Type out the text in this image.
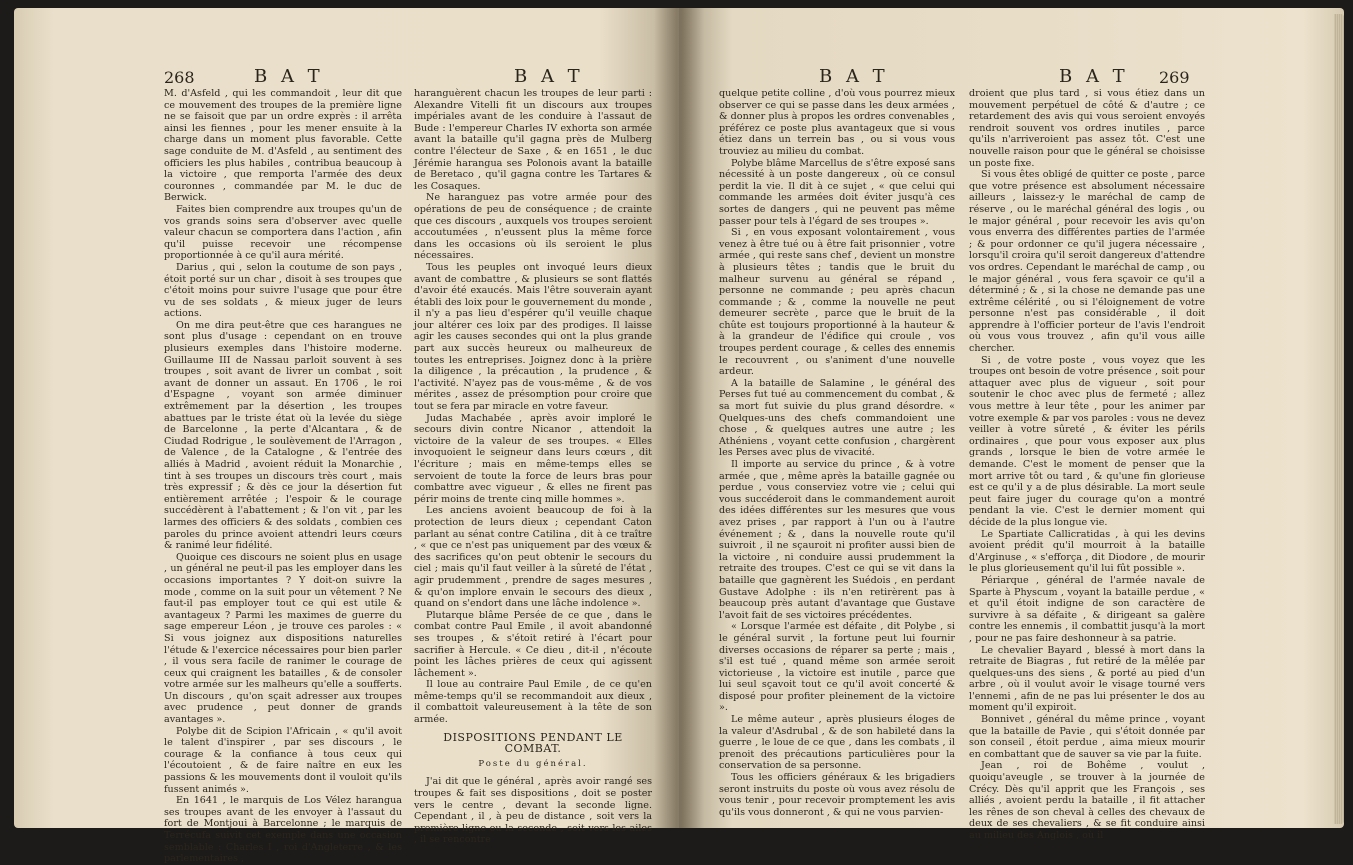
268	B A T	B A T

M. d'Asfeld , qui les commandoit , leur dit que ce mouvement des troupes de la première ligne ne se faisoit que par un ordre exprès : il arrêta ainsi les fiennes , pour les mener ensuite à la charge dans un moment plus favorable. Cette sage conduite de M. d'Asfeld , au sentiment des officiers les plus habiles , contribua beaucoup à la victoire , que remporta l'armée des deux couronnes , commandée par M. le duc de Berwick.

Faites bien comprendre aux troupes qu'un de vos grands soins sera d'observer avec quelle valeur chacun se comportera dans l'action , afin qu'il puisse recevoir une récompense proportionnée à ce qu'il aura mérité.

Darius , qui , selon la coutume de son pays , étoit porté sur un char , disoit à ses troupes que c'étoit moins pour suivre l'usage que pour être vu de ses soldats , & mieux juger de leurs actions.

On me dira peut-être que ces harangues ne sont plus d'usage : cependant on en trouve plusieurs exemples dans l'histoire moderne. Guillaume III de Nassau parloit souvent à ses troupes , soit avant de livrer un combat , soit avant de donner un assaut. En 1706 , le roi d'Espagne , voyant son armée diminuer extrêmement par la désertion , les troupes abattues par le triste état où la levée du siège de Barcelonne , la perte d'Alcantara , & de Ciudad Rodrigue , le soulèvement de l'Arragon , de Valence , de la Catalogne , & l'entrée des alliés à Madrid , avoient réduit la Monarchie , tint à ses troupes un discours très court , mais très expressif ; & dès ce jour la désertion fut entièrement arrêtée ; l'espoir & le courage succédèrent à l'abattement ; & l'on vit , par les larmes des officiers & des soldats , combien ces paroles du prince avoient attendri leurs cœurs & ranimé leur fidélité.

Quoique ces discours ne soient plus en usage , un général ne peut-il pas les employer dans les occasions importantes ? Y doit-on suivre la mode , comme on la suit pour un vêtement ? Ne faut-il pas employer tout ce qui est utile & avantageux ? Parmi les maximes de guerre du sage empereur Léon , je trouve ces paroles : « Si vous joignez aux dispositions naturelles l'étude & l'exercice nécessaires pour bien parler , il vous sera facile de ranimer le courage de ceux qui craignent les batailles , & de consoler votre armée sur les malheurs qu'elle a soufferts. Un discours , qu'on sçait adresser aux troupes avec prudence , peut donner de grands avantages ».

Polybe dit de Scipion l'Africain , « qu'il avoit le talent d'inspirer , par ses discours , le courage & la confiance à tous ceux qui l'écoutoient , & de faire naître en eux les passions & les mouvements dont il vouloit qu'ils fussent animés ».

En 1641 , le marquis de Los Vélez harangua ses troupes avant de les envoyer à l'assaut du fort de Montjoui à Barcelonne ; le marquis de Terrécufa suivit cet exemple dans une occasion semblable : Charles I , roi d'Angleterre , & les parlementaires ,

haranguèrent chacun les troupes de leur parti : Alexandre Vitelli fit un discours aux troupes impériales avant de les conduire à l'assaut de Bude : l'empereur Charles IV exhorta son armée avant la bataille qu'il gagna près de Mulberg contre l'électeur de Saxe , & en 1651 , le duc Jérémie harangua ses Polonois avant la bataille de Beretaco , qu'il gagna contre les Tartares & les Cosaques.

Ne haranguez pas votre armée pour des opérations de peu de conséquence ; de crainte que ces discours , auxquels vos troupes seroient accoutumées , n'eussent plus la même force dans les occasions où ils seroient le plus nécessaires.

Tous les peuples ont invoqué leurs dieux avant de combattre , & plusieurs se sont flattés d'avoir été exaucés. Mais l'être souverain ayant établi des loix pour le gouvernement du monde , il n'y a pas lieu d'espérer qu'il veuille chaque jour altérer ces loix par des prodiges. Il laisse agir les causes secondes qui ont la plus grande part aux succès heureux ou malheureux de toutes les entreprises. Joignez donc à la prière la diligence , la précaution , la prudence , & l'activité. N'ayez pas de vous-même , & de vos mérites , assez de présomption pour croire que tout se fera par miracle en votre faveur.

Judas Machabée , après avoir imploré le secours divin contre Nicanor , attendoit la victoire de la valeur de ses troupes. « Elles invoquoient le seigneur dans leurs cœurs , dit l'écriture ; mais en même-temps elles se servoient de toute la force de leurs bras pour combattre avec vigueur , & elles ne firent pas périr moins de trente cinq mille hommes ».

Les anciens avoient beaucoup de foi à la protection de leurs dieux ; cependant Caton parlant au sénat contre Catilina , dit à ce traître , « que ce n'est pas uniquement par des vœux & des sacrifices qu'on peut obtenir le secours du ciel ; mais qu'il faut veiller à la sûreté de l'état , agir prudemment , prendre de sages mesures , & qu'on implore envain le secours des dieux , quand on s'endort dans une lâche indolence ».

Plutarque blâme Persée de ce que , dans le combat contre Paul Emile , il avoit abandonné ses troupes , & s'étoit retiré à l'écart pour sacrifier à Hercule. « Ce dieu , dit-il , n'écoute point les lâches prières de ceux qui agissent lâchement ».

Il loue au contraire Paul Emile , de ce qu'en même-temps qu'il se recommandoit aux dieux , il combattoit valeureusement à la tête de son armée.

DISPOSITIONS PENDANT LE COMBAT.
Poste du général.

J'ai dit que le général , après avoir rangé ses troupes & fait ses dispositions , doit se poster vers le centre , devant la seconde ligne. Cependant , il , à peu de distance , soit vers la première ligne ou la seconde , soit vers les ailes , il se rencontre

B A T	B A T 269

quelque petite colline , d'où vous pourrez mieux observer ce qui se passe dans les deux armées , & donner plus à propos les ordres convenables , préférez ce poste plus avantageux que si vous étiez dans un terrein bas , ou si vous vous trouviez au milieu du combat.

Polybe blâme Marcellus de s'être exposé sans nécessité à un poste dangereux , où ce consul perdit la vie. Il dit à ce sujet , « que celui qui commande les armées doit éviter jusqu'à ces sortes de dangers , qui ne peuvent pas même passer pour tels à l'égard de ses troupes ».

Si , en vous exposant volontairement , vous venez à être tué ou à être fait prisonnier , votre armée , qui reste sans chef , devient un monstre à plusieurs têtes ; tandis que le bruit du malheur survenu au général se répand , personne ne commande ; peu après chacun commande ; & , comme la nouvelle ne peut demeurer secrète , parce que le bruit de la chûte est toujours proportionné à la hauteur & à la grandeur de l'édifice qui croule , vos troupes perdent courage , & celles des ennemis le recouvrent , ou s'animent d'une nouvelle ardeur.

A la bataille de Salamine , le général des Perses fut tué au commencement du combat , & sa mort fut suivie du plus grand désordre. « Quelques-uns des chefs commandoient une chose , & quelques autres une autre ; les Athéniens , voyant cette confusion , chargèrent les Perses avec plus de vivacité.

Il importe au service du prince , & à votre armée , que , même après la bataille gagnée ou perdue , vous conserviez votre vie ; celui qui vous succéderoit dans le commandement auroit des idées différentes sur les mesures que vous avez prises , par rapport à l'un ou à l'autre événement ; & , dans la nouvelle route qu'il suivroit , il ne sçauroit ni profiter aussi bien de la victoire , ni conduire aussi prudemment la retraite des troupes. C'est ce qui se vit dans la bataille que gagnèrent les Suédois , en perdant Gustave Adolphe : ils n'en retirèrent pas à beaucoup près autant d'avantage que Gustave l'avoit fait de ses victoires précédentes.

« Lorsque l'armée est défaite , dit Polybe , si le général survit , la fortune peut lui fournir diverses occasions de réparer sa perte ; mais , s'il est tué , quand même son armée seroit victorieuse , la victoire est inutile , parce que lui seul sçavoit tout ce qu'il avoit concerté & disposé pour profiter pleinement de la victoire ».

Le même auteur , après plusieurs éloges de la valeur d'Asdrubal , & de son habileté dans la guerre , le loue de ce que , dans les combats , il prenoit des précautions particulières pour la conservation de sa personne.

Tous les officiers généraux & les brigadiers seront instruits du poste où vous avez résolu de vous tenir , pour recevoir promptement les avis qu'ils vous donneront , & qui ne vous parvien-

droient que plus tard , si vous étiez dans un mouvement perpétuel de côté & d'autre ; ce retardement des avis qui vous seroient envoyés rendroit souvent vos ordres inutiles , parce qu'ils n'arriveroient pas assez tôt. C'est une nouvelle raison pour que le général se choisisse un poste fixe.

Si vous êtes obligé de quitter ce poste , parce que votre présence est absolument nécessaire ailleurs , laissez-y le maréchal de camp de réserve , ou le maréchal général des logis , ou le major général , pour recevoir les avis qu'on vous enverra des différentes parties de l'armée ; & pour ordonner ce qu'il jugera nécessaire , lorsqu'il croira qu'il seroit dangereux d'attendre vos ordres. Cependant le maréchal de camp , ou le major général , vous fera sçavoir ce qu'il a déterminé ; & , si la chose ne demande pas une extrême célérité , ou si l'éloignement de votre personne n'est pas considérable , il doit apprendre à l'officier porteur de l'avis l'endroit où vous vous trouvez , afin qu'il vous aille chercher.

Si , de votre poste , vous voyez que les troupes ont besoin de votre présence , soit pour attaquer avec plus de vigueur , soit pour soutenir le choc avec plus de fermeté ; allez vous mettre à leur tête , pour les animer par votre exemple & par vos paroles : vous ne devez veiller à votre sûreté , & éviter les périls ordinaires , que pour vous exposer aux plus grands , lorsque le bien de votre armée le demande. C'est le moment de penser que la mort arrive tôt ou tard , & qu'une fin glorieuse est ce qu'il y a de plus désirable. La mort seule peut faire juger du courage qu'on a montré pendant la vie. C'est le dernier moment qui décide de la plus longue vie.

Le Spartiate Callicratidas , à qui les devins avoient prédit qu'il mourroit à la bataille d'Arginuse , « s'efforça , dit Diodore , de mourir le plus glorieusement qu'il lui fût possible ».

Périarque , général de l'armée navale de Sparte à Physcum , voyant la bataille perdue , « et qu'il étoit indigne de son caractère de survivre à sa défaite , & dirigeant sa galère contre les ennemis , il combattit jusqu'à la mort , pour ne pas faire deshonneur à sa patrie.

Le chevalier Bayard , blessé à mort dans la retraite de Biagras , fut retiré de la mêlée par quelques-uns des siens , & porté au pied d'un arbre , où il voulut avoir le visage tourné vers l'ennemi , afin de ne pas lui présenter le dos au moment qu'il expiroit.

Bonnivet , général du même prince , voyant que la bataille de Pavie , qui s'étoit donnée par son conseil , étoit perdue , aima mieux mourir en combattant que de sauver sa vie par la fuite.

Jean , roi de Bohême , voulut , quoiqu'aveugle , se trouver à la journée de Crécy. Dès qu'il apprit que les François , ses alliés , avoient perdu la bataille , il fit attacher les rênes de son cheval à celles des chevaux de deux de ses chevaliers , & se fit conduire ainsi au milieu des Anglois , où il
